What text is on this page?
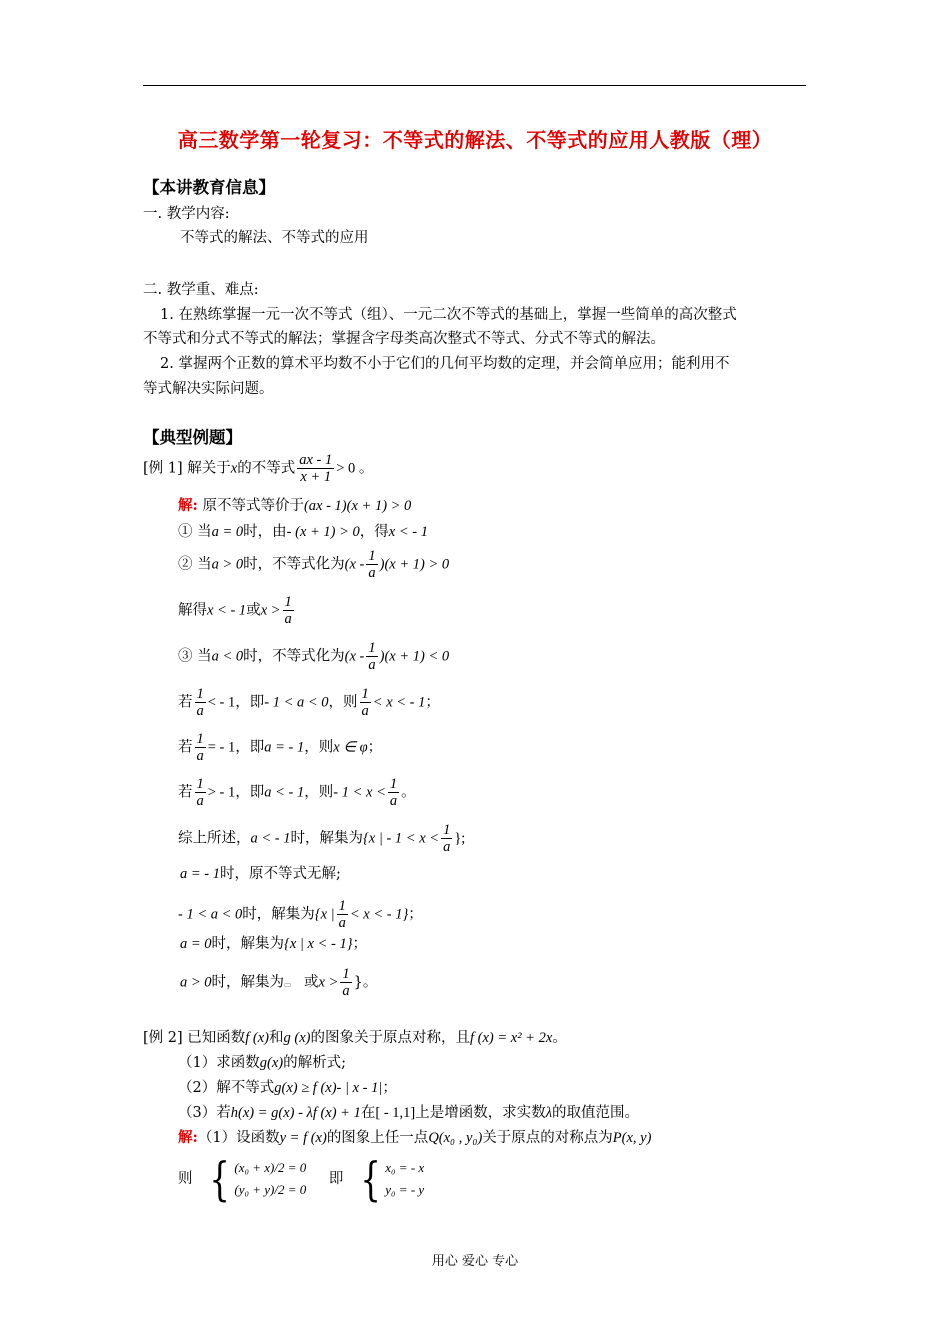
高三数学第一轮复习：不等式的解法、不等式的应用人教版（理）
【本讲教育信息】
一. 教学内容:
不等式的解法、不等式的应用
二. 教学重、难点:
1. 在熟练掌握一元一次不等式（组）、一元二次不等式的基础上，掌握一些简单的高次整式
不等式和分式不等式的解法；掌握含字母类高次整式不等式、分式不等式的解法。
2. 掌握两个正数的算术平均数不小于它们的几何平均数的定理，并会简单应用；能利用不
等式解决实际问题。
【典型例题】
[例 1] 解关于x的不等式 $\frac{ax - 1}{x + 1} > 0$ 。
解: 原不等式等价于(ax - 1)(x + 1) > 0
① 当a = 0时，由- (x + 1) > 0，得x < - 1
② 当a > 0时，不等式化为$(x - \frac{1}{a} )(x + 1) > 0$
解得x < - 1或$x > \frac{1}{a}$
③ 当a < 0时，不等式化为$(x - \frac{1}{a} )(x + 1) < 0$
若 $\frac{1}{a}$ < - 1，即- 1 < a < 0，则 $\frac{1}{a} < x$ < - 1；
若 $\frac{1}{a}$ = - 1，即a = - 1，则x ∈ φ；
若 $\frac{1}{a}$ > - 1，即a < - 1，则- $1 < x < \frac{1}{a}$ 。
综上所述，a < - 1时，解集为{x | - $1 < x < \frac{1}{a}$ };
a = - 1时，原不等式无解;
- 1 < a < 0时，解集为{x | $\frac{1}{a} < x$ < - 1}；
a = 0时，解集为{x | x < - 1}；
a > 0时，解集为▭ 或$x > \frac{1}{a}$ }。
[例 2] 已知函数f (x)和g (x)的图象关于原点对称，且f (x) = x² + 2x。
（1）求函数g(x)的解析式;
（2）解不等式g(x) ≥ f (x)- | x - 1|；
（3）若h(x) = g(x) - λf (x) + 1在[ - 1,1]上是增函数，求实数λ的取值范围。
解:（1）设函数y = f (x)的图象上任一点Q(x₀ , y₀)关于原点的对称点为P(x, y)
则 { (x₀ + x)/2 = 0
(y₀ + y)/2 = 0
即 { x₀ = - x
y₀ = - y
用心 爱心 专心
